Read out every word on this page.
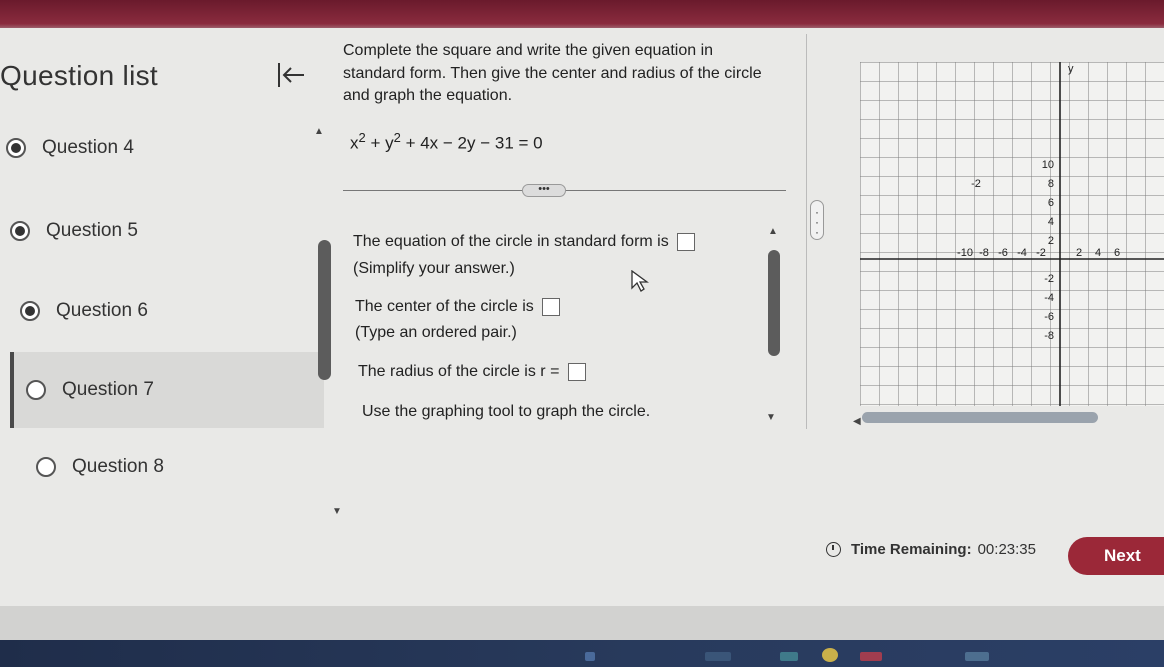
Question list
Question 4
▲
Question 5
Question 6
Question 7
Question 8
▼
Complete the square and write the given equation in standard form. Then give the center and radius of the circle and graph the equation.
$x^2 + y^2 + 4x - 2y - 31 = 0$
•••
▲
▼
The equation of the circle in standard form is
(Simplify your answer.)
The center of the circle is
(Type an ordered pair.)
The radius of the circle is r =
Use the graphing tool to graph the circle.
·
·
·
-10 -8 -6 -4 -2	2 4 6
10
8
6
4
2
-2
-4
-6
-8
y
-2
◀
Time Remaining: 00:23:35	Next
